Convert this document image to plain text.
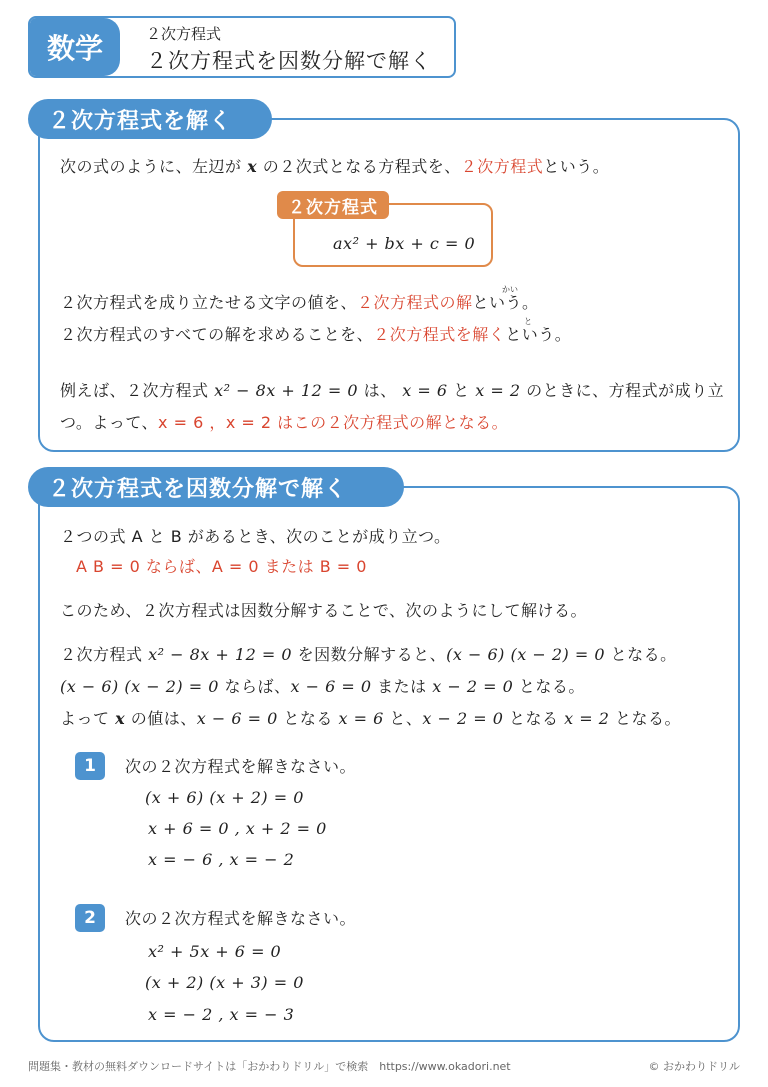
数学	２次方程式
２次方程式を因数分解で解く
２次方程式を解く
次の式のように、左辺が x の２次式となる方程式を、２次方程式という。
２次方程式
ax² + bx + c = 0
かい
２次方程式を成り立たせる文字の値を、２次方程式の解という。
と
２次方程式のすべての解を求めることを、２次方程式を解くという。
例えば、２次方程式 x² − 8x + 12 = 0 は、 x = 6 と x = 2 のときに、方程式が成り立
つ。よって、x = 6 ，x = 2 はこの２次方程式の解となる。
２次方程式を因数分解で解く
２つの式 A と B があるとき、次のことが成り立つ。
A B = 0 ならば、A = 0 または B = 0
このため、２次方程式は因数分解することで、次のようにして解ける。
２次方程式 x² − 8x + 12 = 0 を因数分解すると、(x − 6) (x − 2) = 0 となる。
(x − 6) (x − 2) = 0 ならば、x − 6 = 0 または x − 2 = 0 となる。
よって x の値は、x − 6 = 0 となる x = 6 と、x − 2 = 0 となる x = 2 となる。
1	次の２次方程式を解きなさい。
(x + 6) (x + 2) = 0
x + 6 = 0 , x + 2 = 0
x = − 6 , x = − 2
2	次の２次方程式を解きなさい。
x² + 5x + 6 = 0
(x + 2) (x + 3) = 0
x = − 2 , x = − 3
問題集・教材の無料ダウンロードサイトは「おかわりドリル」で検索　https://www.okadori.net	© おかわりドリル
